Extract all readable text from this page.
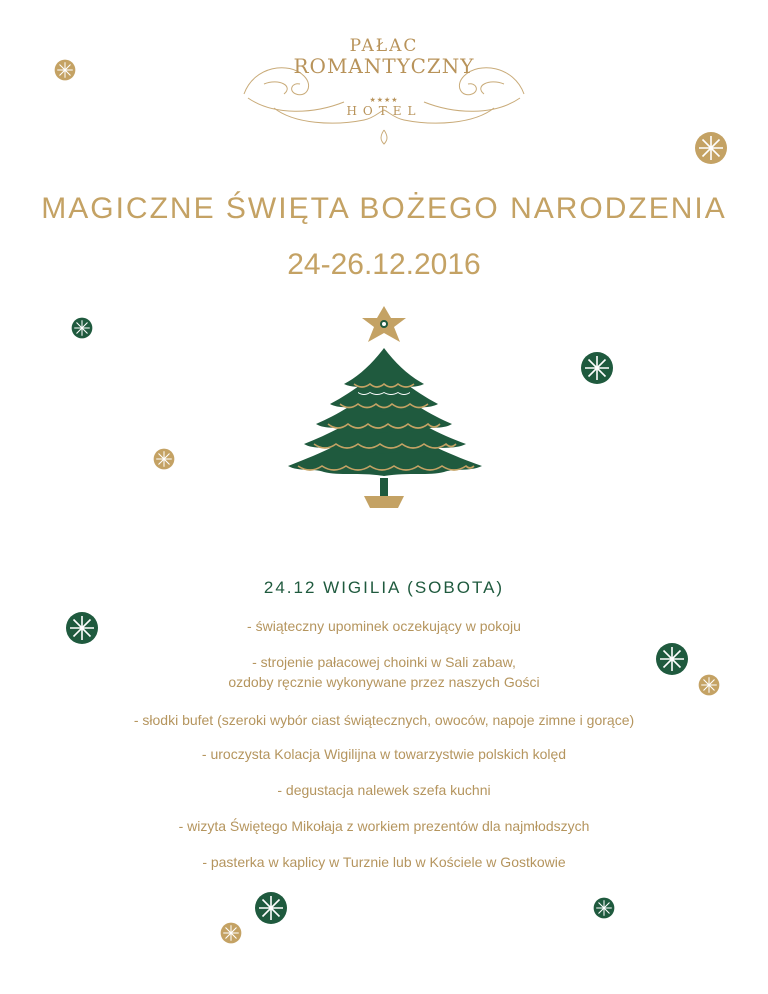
PAŁAC
ROMANTYCZNY
★★★★
HOTEL
MAGICZNE ŚWIĘTA BOŻEGO NARODZENIA
24-26.12.2016
24.12 WIGILIA (SOBOTA)
- świąteczny upominek oczekujący w pokoju
- strojenie pałacowej choinki w Sali zabaw,
ozdoby ręcznie wykonywane przez naszych Gości
- słodki bufet (szeroki wybór ciast świątecznych, owoców, napoje zimne i gorące)
- uroczysta Kolacja Wigilijna w towarzystwie polskich kolęd
- degustacja nalewek szefa kuchni
- wizyta Świętego Mikołaja z workiem prezentów dla najmłodszych
- pasterka w kaplicy w Turznie lub w Kościele w Gostkowie
